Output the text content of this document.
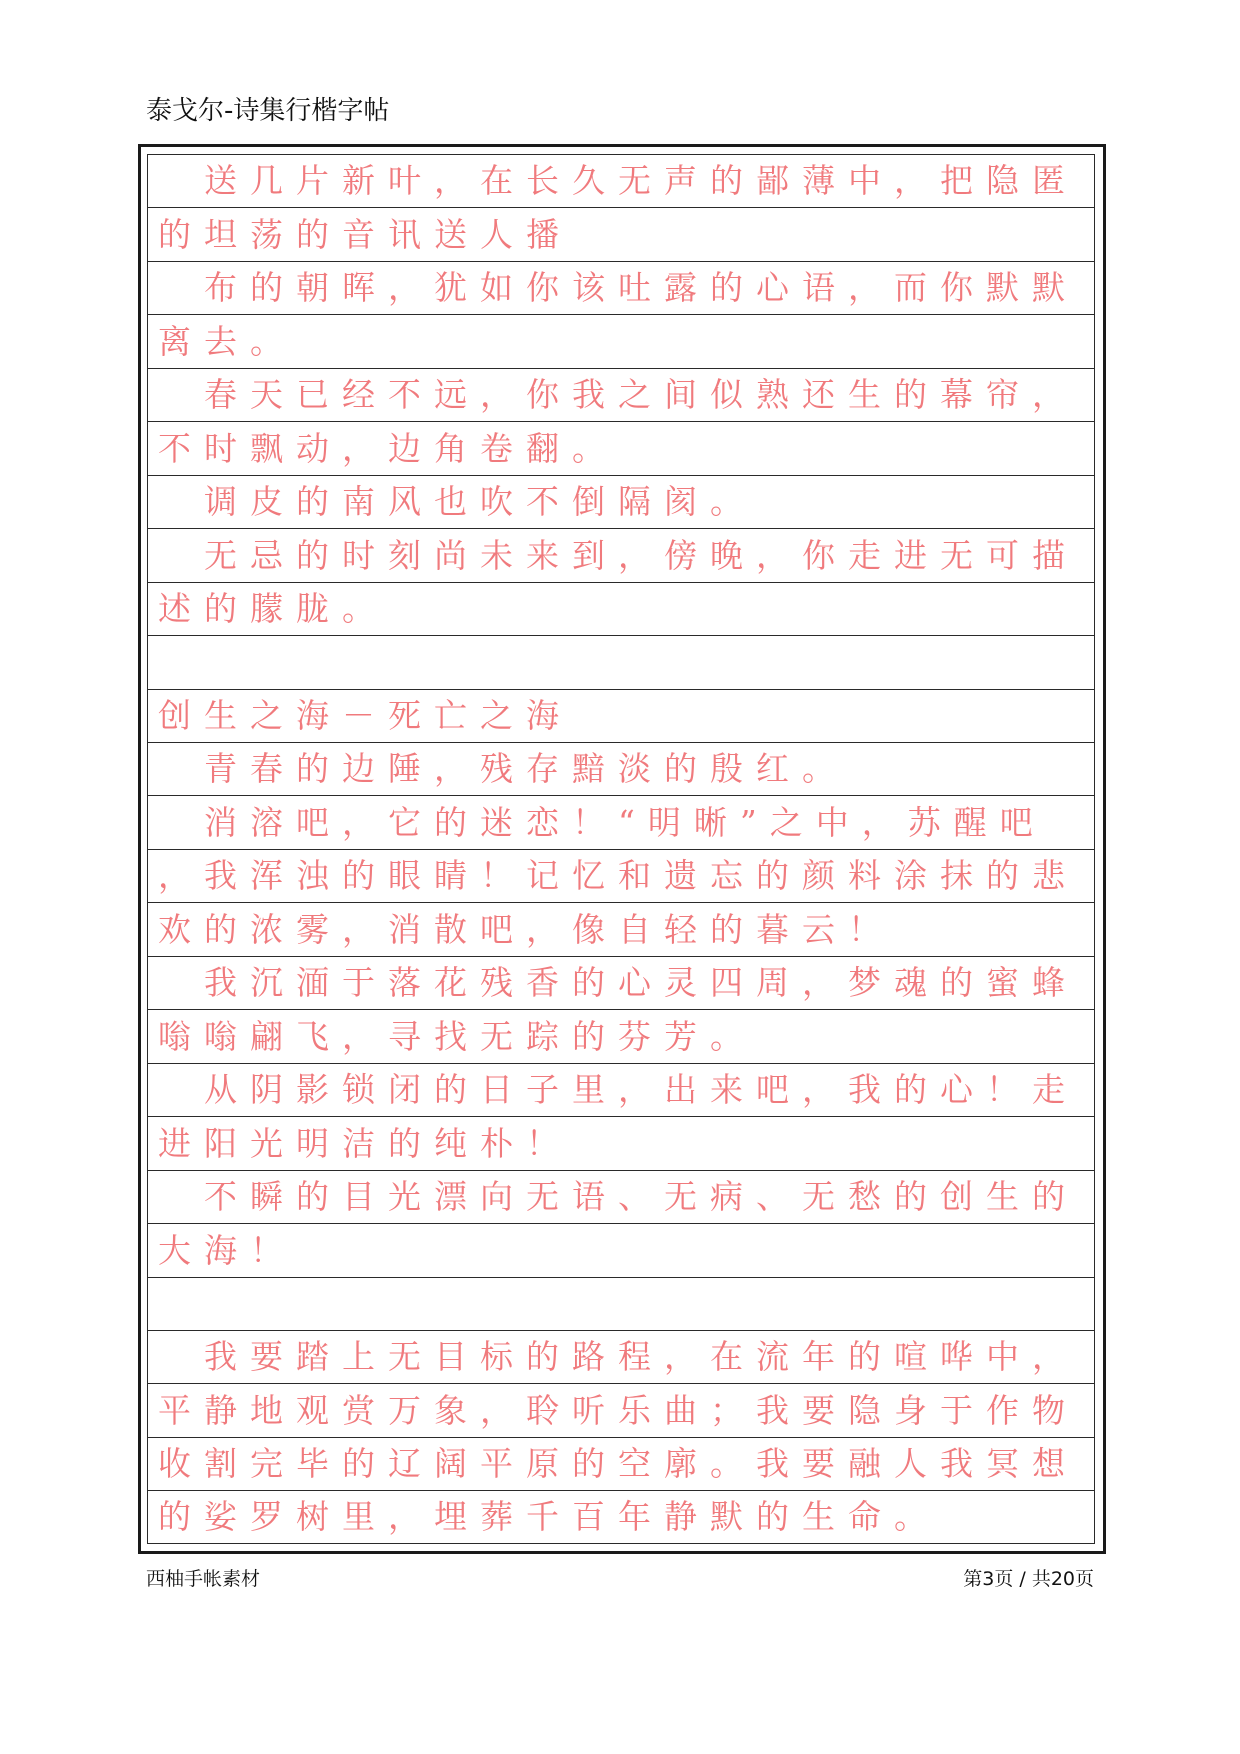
泰戈尔-诗集行楷字帖
　送几片新叶，在长久无声的鄙薄中，把隐匿
的坦荡的音讯送人播
　布的朝晖，犹如你该吐露的心语，而你默默
离去。
　春天已经不远，你我之间似熟还生的幕帘，
不时飘动，边角卷翻。
　调皮的南风也吹不倒隔阂。
　无忌的时刻尚未来到，傍晚，你走进无可描
述的朦胧。
创生之海－死亡之海
　青春的边陲，残存黯淡的殷红。
　消溶吧，它的迷恋！“明晰”之中，苏醒吧
，我浑浊的眼睛！记忆和遗忘的颜料涂抹的悲
欢的浓雾，消散吧，像自轻的暮云！
　我沉湎于落花残香的心灵四周，梦魂的蜜蜂
嗡嗡翩飞，寻找无踪的芬芳。
　从阴影锁闭的日子里，出来吧，我的心！走
进阳光明洁的纯朴！
　不瞬的目光漂向无语、无病、无愁的创生的
大海！
　我要踏上无目标的路程，在流年的喧哗中，
平静地观赏万象，聆听乐曲；我要隐身于作物
收割完毕的辽阔平原的空廓。我要融人我冥想
的娑罗树里，埋葬千百年静默的生命。
西柚手帐素材	第3页 / 共20页
